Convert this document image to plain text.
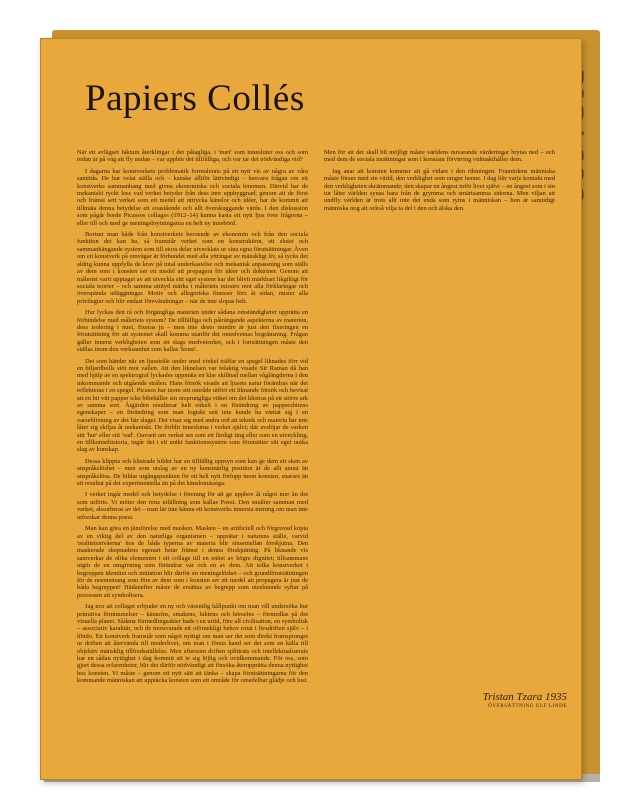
Papiers Collés

När ett avlägset faktum återklingar i det påtagliga, i 'nuet' som innesluter oss och som redan är på väg att fly undan – var upphör det tillfälliga, och var tar det nödvändiga vid?

I dagarna har konstverkets problematik formulerats på ett nytt vis av några av våra samtida. De har velat ställa och – kanske alltför lättvindigt – besvara frågan om ett konstverks sammanhang med givna ekonomiska och sociala fenomen. Därvid har de mekaniskt ryckt loss vad verket betyder från dess inre uppbyggnad; genom att de först och främst sett verket som ett medel att uttrycka känslor och idéer, har de kommit att tillmäta denna betydelse ett enastående och allt överskuggande värde. I den diskussion som pågår borde Picassos collages (1912–14) kunna kasta ett nytt ljus över frågorna – eller till och med ge meningsbrytningarna en helt ny innebörd.

Bortser man både från konstverkets beroende av ekonomin och från den sociala funktion det kan ha, så framstår verket som en konstruktion, ett slutet och sammanhängande system som till stora delar utvecklats ur sina egna förutsättningar. Även om ett konstverk på omvägar är förbundet med alla yttringar av mänskligt liv, så tycks det aldrig kunna uppfylla de krav på total underkastelse och mekanisk anpassning som ställs av dem som i konsten ser ett medel att propagera för idéer och doktriner. Genom att måleriet varit upptaget av att utveckla sitt eget system har det blivit märkbart likgiltigt för sociala teorier – och samma attityd märks i måleriets misstro mot alla förklaringar och överspända utläggningar. Motiv och allegoriska finesser förs åt sidan, mister alla privilegier och blir endast förevändningar – när de inte slopas helt.

Hur lyckas den rå och förgängliga materien under sådana omständigheter upprätta en förbindelse med måleriets system? De tillfälliga och påträngande aspekterna av materien, dess isolering i nuet, fixeras ju – men inte desto mindre är just den fixeringen en förutsättning för att systemet skall komma utanför det omedvetnas begränsning. Frågan gäller innerst verkligheten som ett slags medvetenhet, och i fortsättningen måste den ställas inom den verksamhet som kallas 'konst'.

Det som händer när en ljusstråle under sned vinkel träffar en spegel liknades förr vid en biljardbolls stöt mot vallen. Att den liknelsen var felaktig visade Sir Raman då han med hjälp av en spektrograf lyckades uppmäta en klar skillnad mellan våglängderna i den inkommande och utgående strålen. Hans försök visade att ljusets natur förändras när det reflekteras i en spegel. Picasso har inom sitt område utfört ett liknande försök och bevisat att en bit vitt papper icke bibehåller sin ursprungliga vithet om det klistras på ett större ark av samma sort. Åtgärden resulterar helt enkelt i en förändring av pappersbitens egenskaper – en förändring som man logiskt sett inte kunde ha väntat sig i en varseblivning av det här slaget. Det visar sig med andra ord att teknik och materia här inte låter sig skiljas åt mekaniskt. De förblir inneslutna i verket självt; där avslöjar de varken sitt 'hur' eller sitt 'vad'. Oavsett om verket ses som ett färdigt ting eller som en utveckling, en tillkomsthistoria, ingår det i ett unikt funktionssystem som förutsätter sitt eget unika slag av kunskap.

Dessa klippta och klistrade bilder har en tillfällig uppsyn som kan ge dem ett sken av anspråkslöshet – men som utslag av en ny konstnärlig position är de allt annat än anspråkslösa. De bildar utgångspunkten för ett helt nytt förlopp inom konsten, snarare än ett resultat på det experimentella än på det känslomässiga.

I verket ingår medel och betydelse i förening för att ge upphov åt något mer än det som utförts. Vi möter den rena utfällning som kallas Poesi. Den smälter samman med verket, absorberas av det – man lär inte känna ett konstverks innersta mening om man inte utforskar denna poesi.

Man kan göra en jämförelse med masken. Masken – en artificiell och förgrovad kopia av en viktig del av den naturliga organismen – upprätar i naturens ställe, varvid 'realitetsnivåerna' hos de båda typerna av materia blir sinsemellan förskjutna. Den maskerade skepnadens egenart betar främst i denna förskjutning. På liknande vis samverkar de olika elementen i ett collage till en enhet av högre dignitet; tillsammans utgör de en omgivning som förändrar var och en av dem. Att tolka konstverket i begreppen identitet och imitation blir därför en meningslöshet – och grundförutsättningen för de resonemang som förs av dem som i konsten ser ett medel att propagera är just de båda begreppen! Hädanefter måste de ersättas av begrepp som uteslutande syftar på processen att symbolisera.

Jag tror att collaget erbjuder en ny och väsentlig hållpunkt om man vill undersöka hur primitiva förnimmelser – känselns, smakens, luktens och hörselns – förmedlas på det visuella planet. Sådana förmedlingsakter hade i en urtid, före all civilisation, en symbolisk – associativ karaktär, och de motsvarade ett oförnekligt behov rotat i livsdriften själv – i libido. Ett konstverk framstår som något nyttigt om man ser det som direkt framsprunget ur driften att återvända till moderlivet, om man i första hand ser det som en källa till objektiv mänsklig tillfredsställelse. Men eftersom driften splittrats och intellektualiserats har en sådan nyttighet i dag kommit att te sig löjlig och ovidkommande. För oss, som gjort dessa erfarenheter, blir det därför nödvändigt att försöka återupprätta denna nyttighet hos konsten. Vi måste – genom ett nytt sätt att tänka – skapa förutsättningarna för den kommande människan att upptäcka konsten som ett område för omedelbar glädje och lust. Men för att det skall bli möjligt måste världens nuvarande värderingar brytas ned – och med dem de sociala inrättningar som i konstant förvirring vidmakthåller dem.

Jag anar att konsten kommer att gå vidare i den riktningen. Framtidens människa måste förses med sin värld, den verklighet som omger henne. I dag blir varje kontakt med den verkligheten skrämmande; den skapar en ångest inför livet självt – en ångest som i sin tur låter världen synas bara från de grymma och smärtsamma sidorna. Men viljan att undfly världen är trots allt inte det enda som ryms i människan – hon är samtidigt människa nog att också vilja ta del i den och älska den.

Tristan Tzara 1935
ÖVERSÄTTNING ULF LINDE
